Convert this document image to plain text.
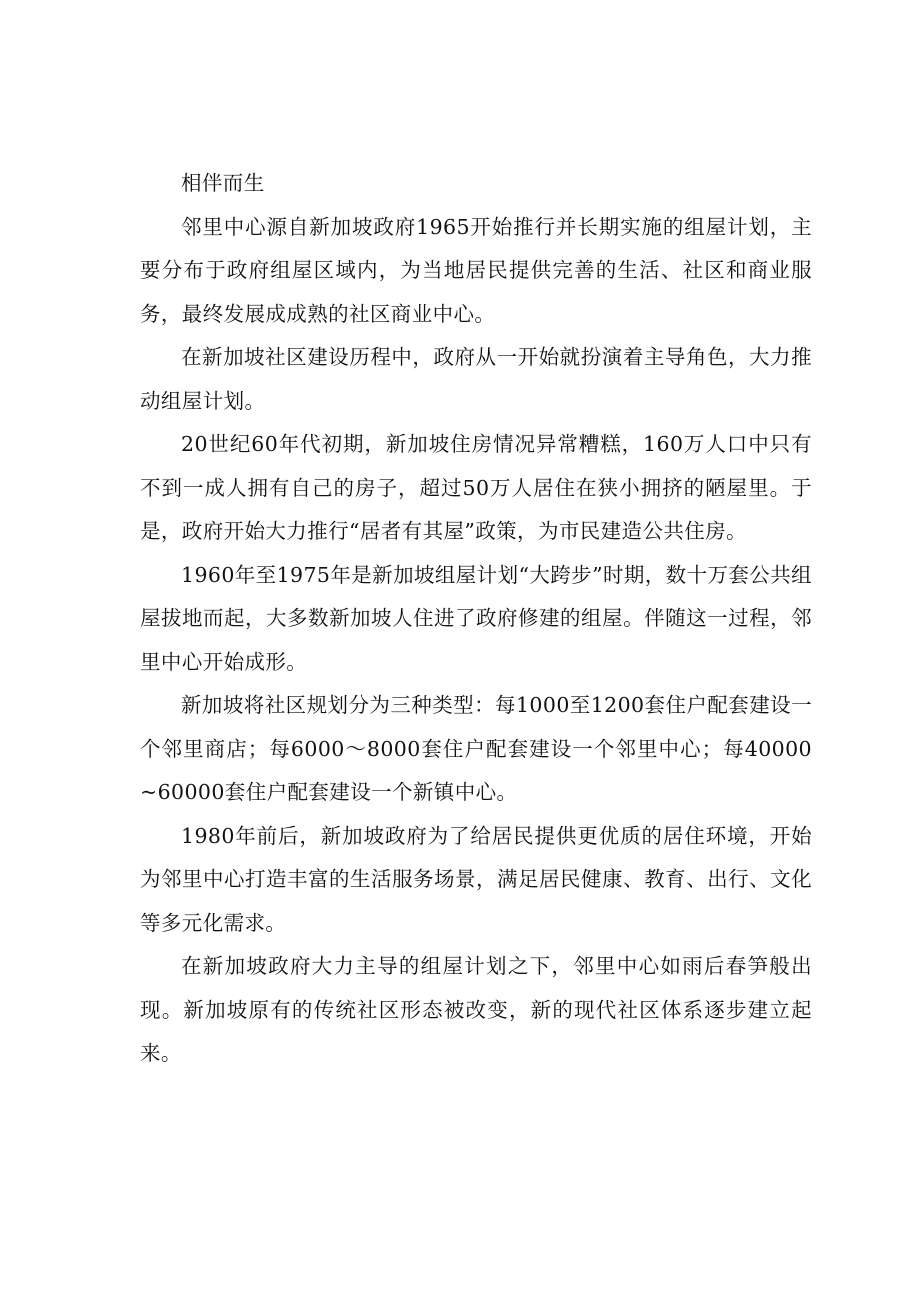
相伴而生

邻里中心源自新加坡政府1965开始推行并长期实施的组屋计划，主要分布于政府组屋区域内，为当地居民提供完善的生活、社区和商业服务，最终发展成成熟的社区商业中心。

在新加坡社区建设历程中，政府从一开始就扮演着主导角色，大力推动组屋计划。

20世纪60年代初期，新加坡住房情况异常糟糕，160万人口中只有不到一成人拥有自己的房子，超过50万人居住在狭小拥挤的陋屋里。于是，政府开始大力推行“居者有其屋”政策，为市民建造公共住房。

1960年至1975年是新加坡组屋计划“大跨步”时期，数十万套公共组屋拔地而起，大多数新加坡人住进了政府修建的组屋。伴随这一过程，邻里中心开始成形。

新加坡将社区规划分为三种类型：每1000至1200套住户配套建设一个邻里商店；每6000～8000套住户配套建设一个邻里中心；每40000~60000套住户配套建设一个新镇中心。

1980年前后，新加坡政府为了给居民提供更优质的居住环境，开始为邻里中心打造丰富的生活服务场景，满足居民健康、教育、出行、文化等多元化需求。

在新加坡政府大力主导的组屋计划之下，邻里中心如雨后春笋般出现。新加坡原有的传统社区形态被改变，新的现代社区体系逐步建立起来。
